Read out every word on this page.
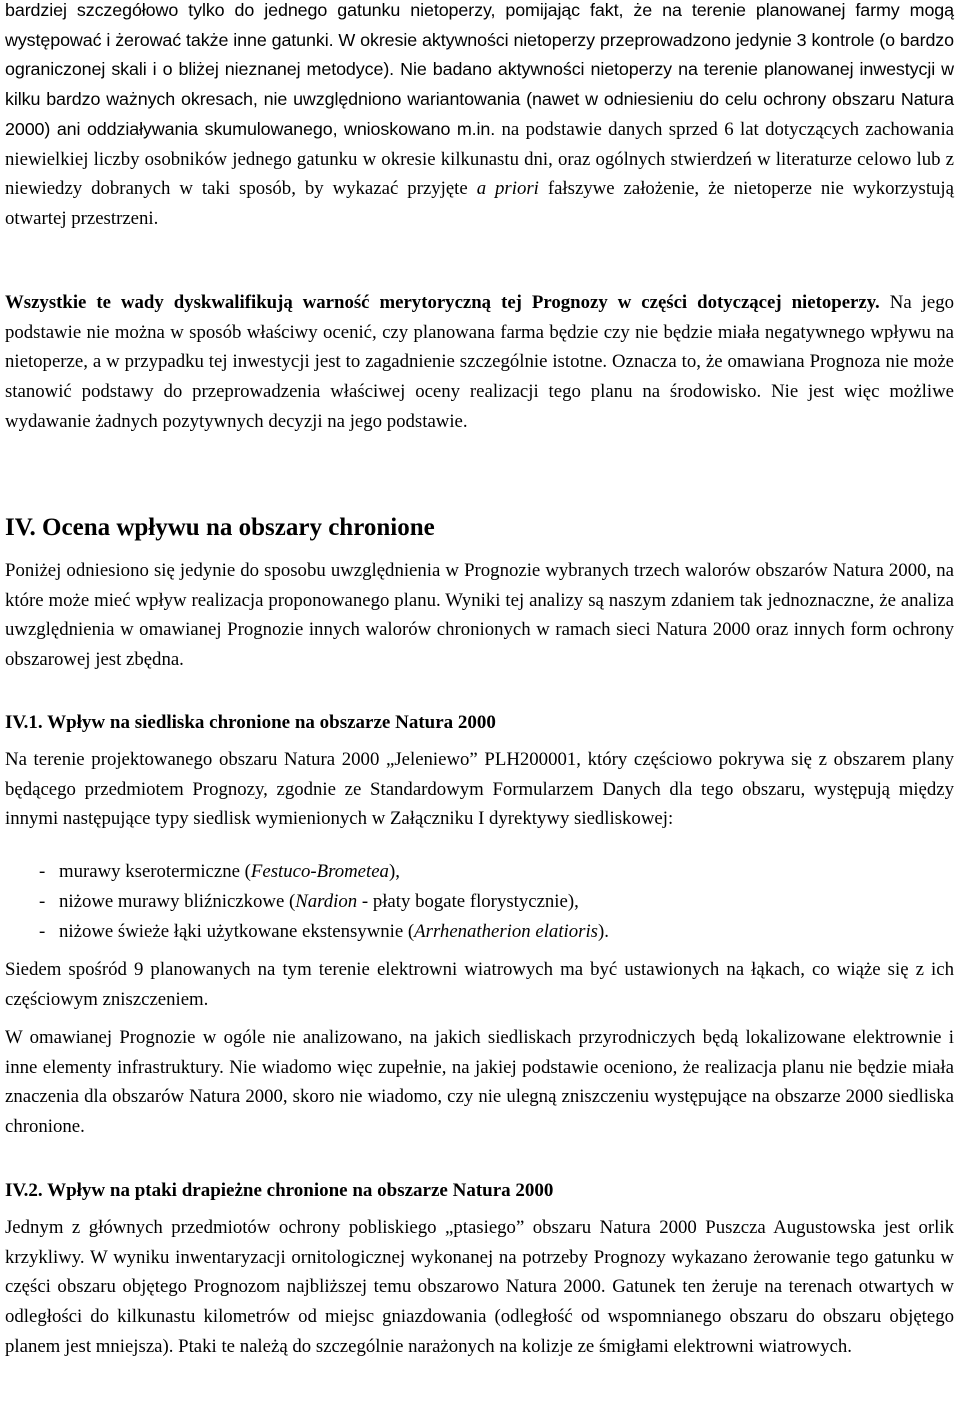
bardziej szczegółowo tylko do jednego gatunku nietoperzy, pomijając fakt, że na terenie planowanej farmy mogą występować i żerować także inne gatunki. W okresie aktywności nietoperzy przeprowadzono jedynie 3 kontrole (o bardzo ograniczonej skali i o bliżej nieznanej metodyce). Nie badano aktywności nietoperzy na terenie planowanej inwestycji w kilku bardzo ważnych okresach, nie uwzględniono wariantowania (nawet w odniesieniu do celu ochrony obszaru Natura 2000) ani oddziaływania skumulowanego, wnioskowano m.in. na podstawie danych sprzed 6 lat dotyczących zachowania niewielkiej liczby osobników jednego gatunku w okresie kilkunastu dni, oraz ogólnych stwierdzeń w literaturze celowo lub z niewiedzy dobranych w taki sposób, by wykazać przyjęte a priori fałszywe założenie, że nietoperze nie wykorzystują otwartej przestrzeni.

Wszystkie te wady dyskwalifikują warność merytoryczną tej Prognozy w części dotyczącej nietoperzy. Na jego podstawie nie można w sposób właściwy ocenić, czy planowana farma będzie czy nie będzie miała negatywnego wpływu na nietoperze, a w przypadku tej inwestycji jest to zagadnienie szczególnie istotne. Oznacza to, że omawiana Prognoza nie może stanowić podstawy do przeprowadzenia właściwej oceny realizacji tego planu na środowisko. Nie jest więc możliwe wydawanie żadnych pozytywnych decyzji na jego podstawie.

IV. Ocena wpływu na obszary chronione

Poniżej odniesiono się jedynie do sposobu uwzględnienia w Prognozie wybranych trzech walorów obszarów Natura 2000, na które może mieć wpływ realizacja proponowanego planu. Wyniki tej analizy są naszym zdaniem tak jednoznaczne, że analiza uwzględnienia w omawianej Prognozie innych walorów chronionych w ramach sieci Natura 2000 oraz innych form ochrony obszarowej jest zbędna.

IV.1. Wpływ na siedliska chronione na obszarze Natura 2000

Na terenie projektowanego obszaru Natura 2000 „Jeleniewo” PLH200001, który częściowo pokrywa się z obszarem plany będącego przedmiotem Prognozy, zgodnie ze Standardowym Formularzem Danych dla tego obszaru, występują między innymi następujące typy siedlisk wymienionych w Załączniku I dyrektywy siedliskowej:

- murawy kserotermiczne (Festuco-Brometea),
- niżowe murawy bliźniczkowe (Nardion - płaty bogate florystycznie),
- niżowe świeże łąki użytkowane ekstensywnie (Arrhenatherion elatioris).

Siedem spośród 9 planowanych na tym terenie elektrowni wiatrowych ma być ustawionych na łąkach, co wiąże się z ich częściowym zniszczeniem.

W omawianej Prognozie w ogóle nie analizowano, na jakich siedliskach przyrodniczych będą lokalizowane elektrownie i inne elementy infrastruktury. Nie wiadomo więc zupełnie, na jakiej podstawie oceniono, że realizacja planu nie będzie miała znaczenia dla obszarów Natura 2000, skoro nie wiadomo, czy nie ulegną zniszczeniu występujące na obszarze 2000 siedliska chronione.

IV.2. Wpływ na ptaki drapieżne chronione na obszarze Natura 2000

Jednym z głównych przedmiotów ochrony pobliskiego „ptasiego” obszaru Natura 2000 Puszcza Augustowska jest orlik krzykliwy. W wyniku inwentaryzacji ornitologicznej wykonanej na potrzeby Prognozy wykazano żerowanie tego gatunku w części obszaru objętego Prognozom najbliższej temu obszarowo Natura 2000. Gatunek ten żeruje na terenach otwartych w odległości do kilkunastu kilometrów od miejsc gniazdowania (odległość od wspomnianego obszaru do obszaru objętego planem jest mniejsza). Ptaki te należą do szczególnie narażonych na kolizje ze śmigłami elektrowni wiatrowych.
